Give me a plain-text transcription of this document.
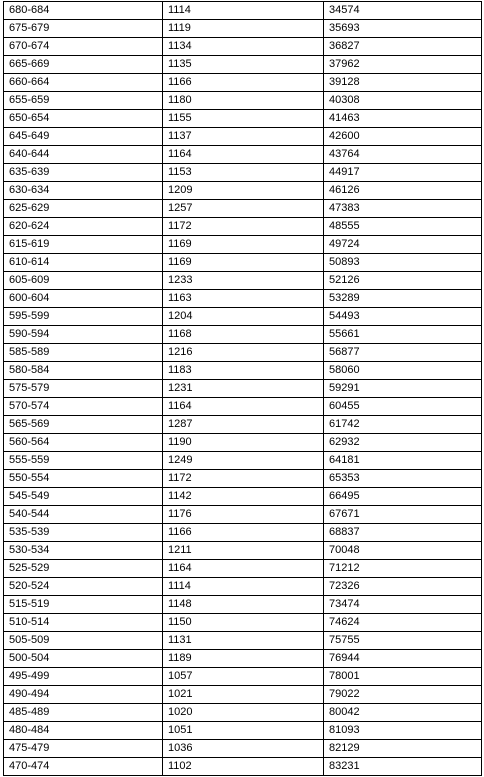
680-684	1114	34574
675-679	1119	35693
670-674	1134	36827
665-669	1135	37962
660-664	1166	39128
655-659	1180	40308
650-654	1155	41463
645-649	1137	42600
640-644	1164	43764
635-639	1153	44917
630-634	1209	46126
625-629	1257	47383
620-624	1172	48555
615-619	1169	49724
610-614	1169	50893
605-609	1233	52126
600-604	1163	53289
595-599	1204	54493
590-594	1168	55661
585-589	1216	56877
580-584	1183	58060
575-579	1231	59291
570-574	1164	60455
565-569	1287	61742
560-564	1190	62932
555-559	1249	64181
550-554	1172	65353
545-549	1142	66495
540-544	1176	67671
535-539	1166	68837
530-534	1211	70048
525-529	1164	71212
520-524	1114	72326
515-519	1148	73474
510-514	1150	74624
505-509	1131	75755
500-504	1189	76944
495-499	1057	78001
490-494	1021	79022
485-489	1020	80042
480-484	1051	81093
475-479	1036	82129
470-474	1102	83231
